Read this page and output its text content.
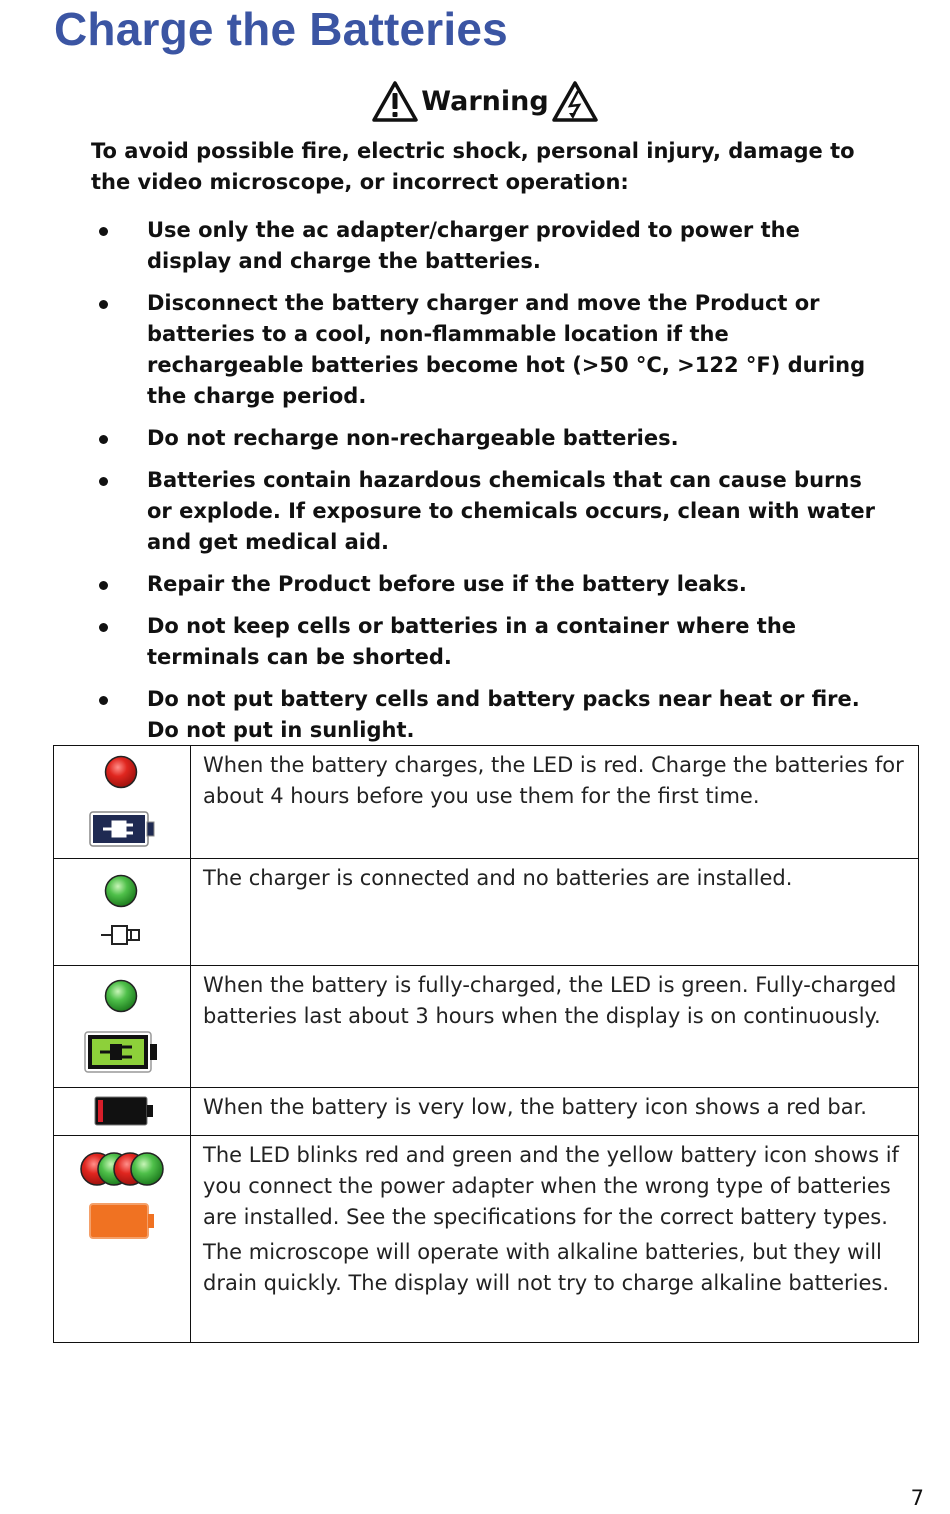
Charge the Batteries
Warning

To avoid possible fire, electric shock, personal injury, damage to the video microscope, or incorrect operation:

Use only the ac adapter/charger provided to power the display and charge the batteries.
Disconnect the battery charger and move the Product or batteries to a cool, non-flammable location if the rechargeable batteries become hot (>50 °C, >122 °F) during the charge period.
Do not recharge non-rechargeable batteries.
Batteries contain hazardous chemicals that can cause burns or explode. If exposure to chemicals occurs, clean with water and get medical aid.
Repair the Product before use if the battery leaks.
Do not keep cells or batteries in a container where the terminals can be shorted.
Do not put battery cells and battery packs near heat or fire. Do not put in sunlight.

When the battery charges, the LED is red. Charge the batteries for about 4 hours before you use them for the first time.

The charger is connected and no batteries are installed.

When the battery is fully-charged, the LED is green. Fully-charged batteries last about 3 hours when the display is on continuously.

When the battery is very low, the battery icon shows a red bar.

The LED blinks red and green and the yellow battery icon shows if you connect the power adapter when the wrong type of batteries are installed. See the specifications for the correct battery types.

The microscope will operate with alkaline batteries, but they will drain quickly. The display will not try to charge alkaline batteries.

7
